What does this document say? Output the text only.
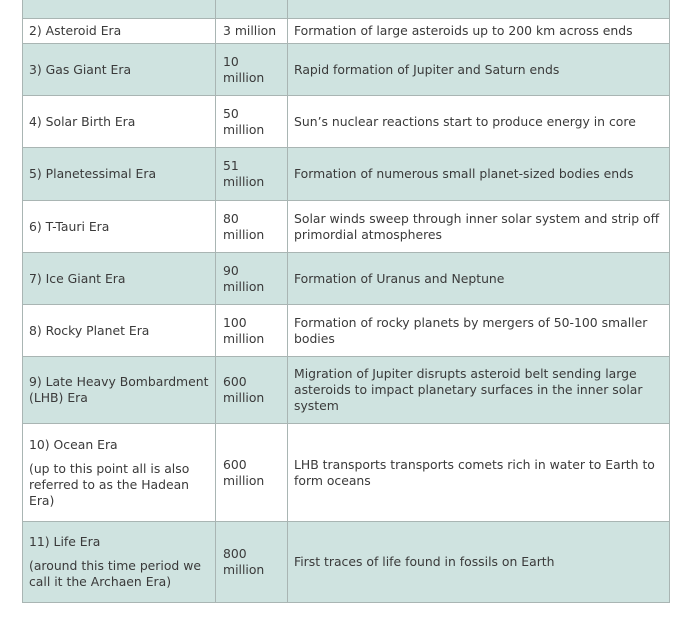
2) Asteroid Era	3 million	Formation of large asteroids up to 200 km across ends
3) Gas Giant Era	10 million	Rapid formation of Jupiter and Saturn ends
4) Solar Birth Era	50 million	Sun’s nuclear reactions start to produce energy in core
5) Planetessimal Era	51 million	Formation of numerous small planet-sized bodies ends
6) T-Tauri Era	80 million	Solar winds sweep through inner solar system and strip off primordial atmospheres
7) Ice Giant Era	90 million	Formation of Uranus and Neptune
8) Rocky Planet Era	100 million	Formation of rocky planets by mergers of 50-100 smaller bodies
9) Late Heavy Bombardment (LHB) Era	600 million	Migration of Jupiter disrupts asteroid belt sending large asteroids to impact planetary surfaces in the inner solar system
10) Ocean Era
(up to this point all is also referred to as the Hadean Era)	600 million	LHB transports transports comets rich in water to Earth to form oceans
11) Life Era
(around this time period we call it the Archaen Era)	800 million	First traces of life found in fossils on Earth
